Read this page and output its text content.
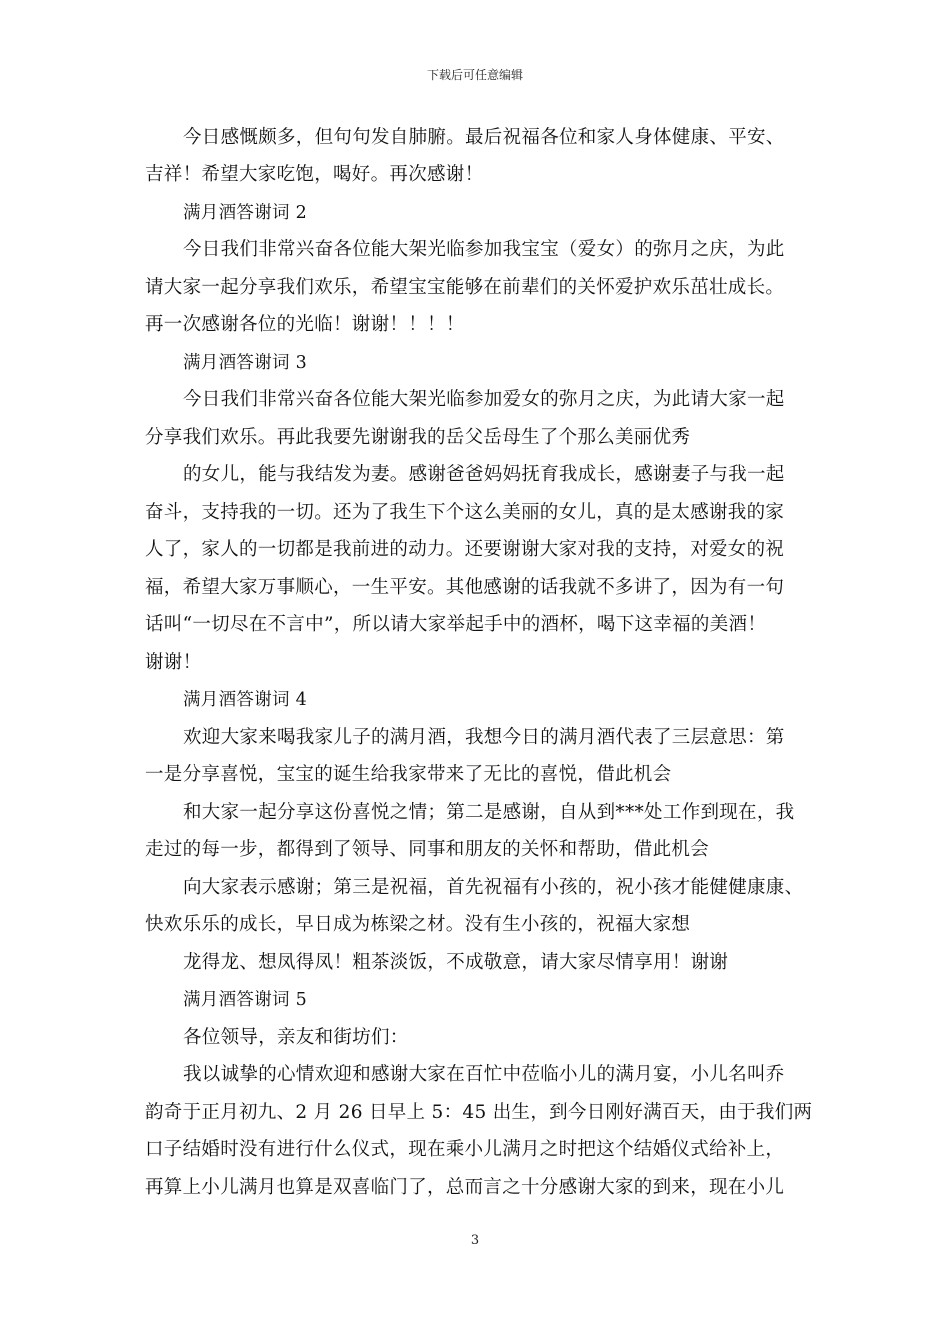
下载后可任意编辑
今日感慨颇多，但句句发自肺腑。最后祝福各位和家人身体健康、平安、
吉祥！希望大家吃饱，喝好。再次感谢！
满月酒答谢词 2
今日我们非常兴奋各位能大架光临参加我宝宝（爱女）的弥月之庆，为此
请大家一起分享我们欢乐，希望宝宝能够在前辈们的关怀爱护欢乐茁壮成长。
再一次感谢各位的光临！谢谢！！！！
满月酒答谢词 3
今日我们非常兴奋各位能大架光临参加爱女的弥月之庆，为此请大家一起
分享我们欢乐。再此我要先谢谢我的岳父岳母生了个那么美丽优秀
的女儿，能与我结发为妻。感谢爸爸妈妈抚育我成长，感谢妻子与我一起
奋斗，支持我的一切。还为了我生下个这么美丽的女儿，真的是太感谢我的家
人了，家人的一切都是我前进的动力。还要谢谢大家对我的支持，对爱女的祝
福，希望大家万事顺心，一生平安。其他感谢的话我就不多讲了，因为有一句
话叫“一切尽在不言中”，所以请大家举起手中的酒杯，喝下这幸福的美酒！
谢谢！
满月酒答谢词 4
欢迎大家来喝我家儿子的满月酒，我想今日的满月酒代表了三层意思：第
一是分享喜悦，宝宝的诞生给我家带来了无比的喜悦，借此机会
和大家一起分享这份喜悦之情；第二是感谢，自从到***处工作到现在，我
走过的每一步，都得到了领导、同事和朋友的关怀和帮助，借此机会
向大家表示感谢；第三是祝福，首先祝福有小孩的，祝小孩才能健健康康、
快欢乐乐的成长，早日成为栋梁之材。没有生小孩的，祝福大家想
龙得龙、想凤得凤！粗茶淡饭，不成敬意，请大家尽情享用！谢谢
满月酒答谢词 5
各位领导，亲友和街坊们：
我以诚挚的心情欢迎和感谢大家在百忙中莅临小儿的满月宴，小儿名叫乔
韵奇于正月初九、2 月 26 日早上 5：45 出生，到今日刚好满百天，由于我们两
口子结婚时没有进行什么仪式，现在乘小儿满月之时把这个结婚仪式给补上，
再算上小儿满月也算是双喜临门了，总而言之十分感谢大家的到来，现在小儿
3
